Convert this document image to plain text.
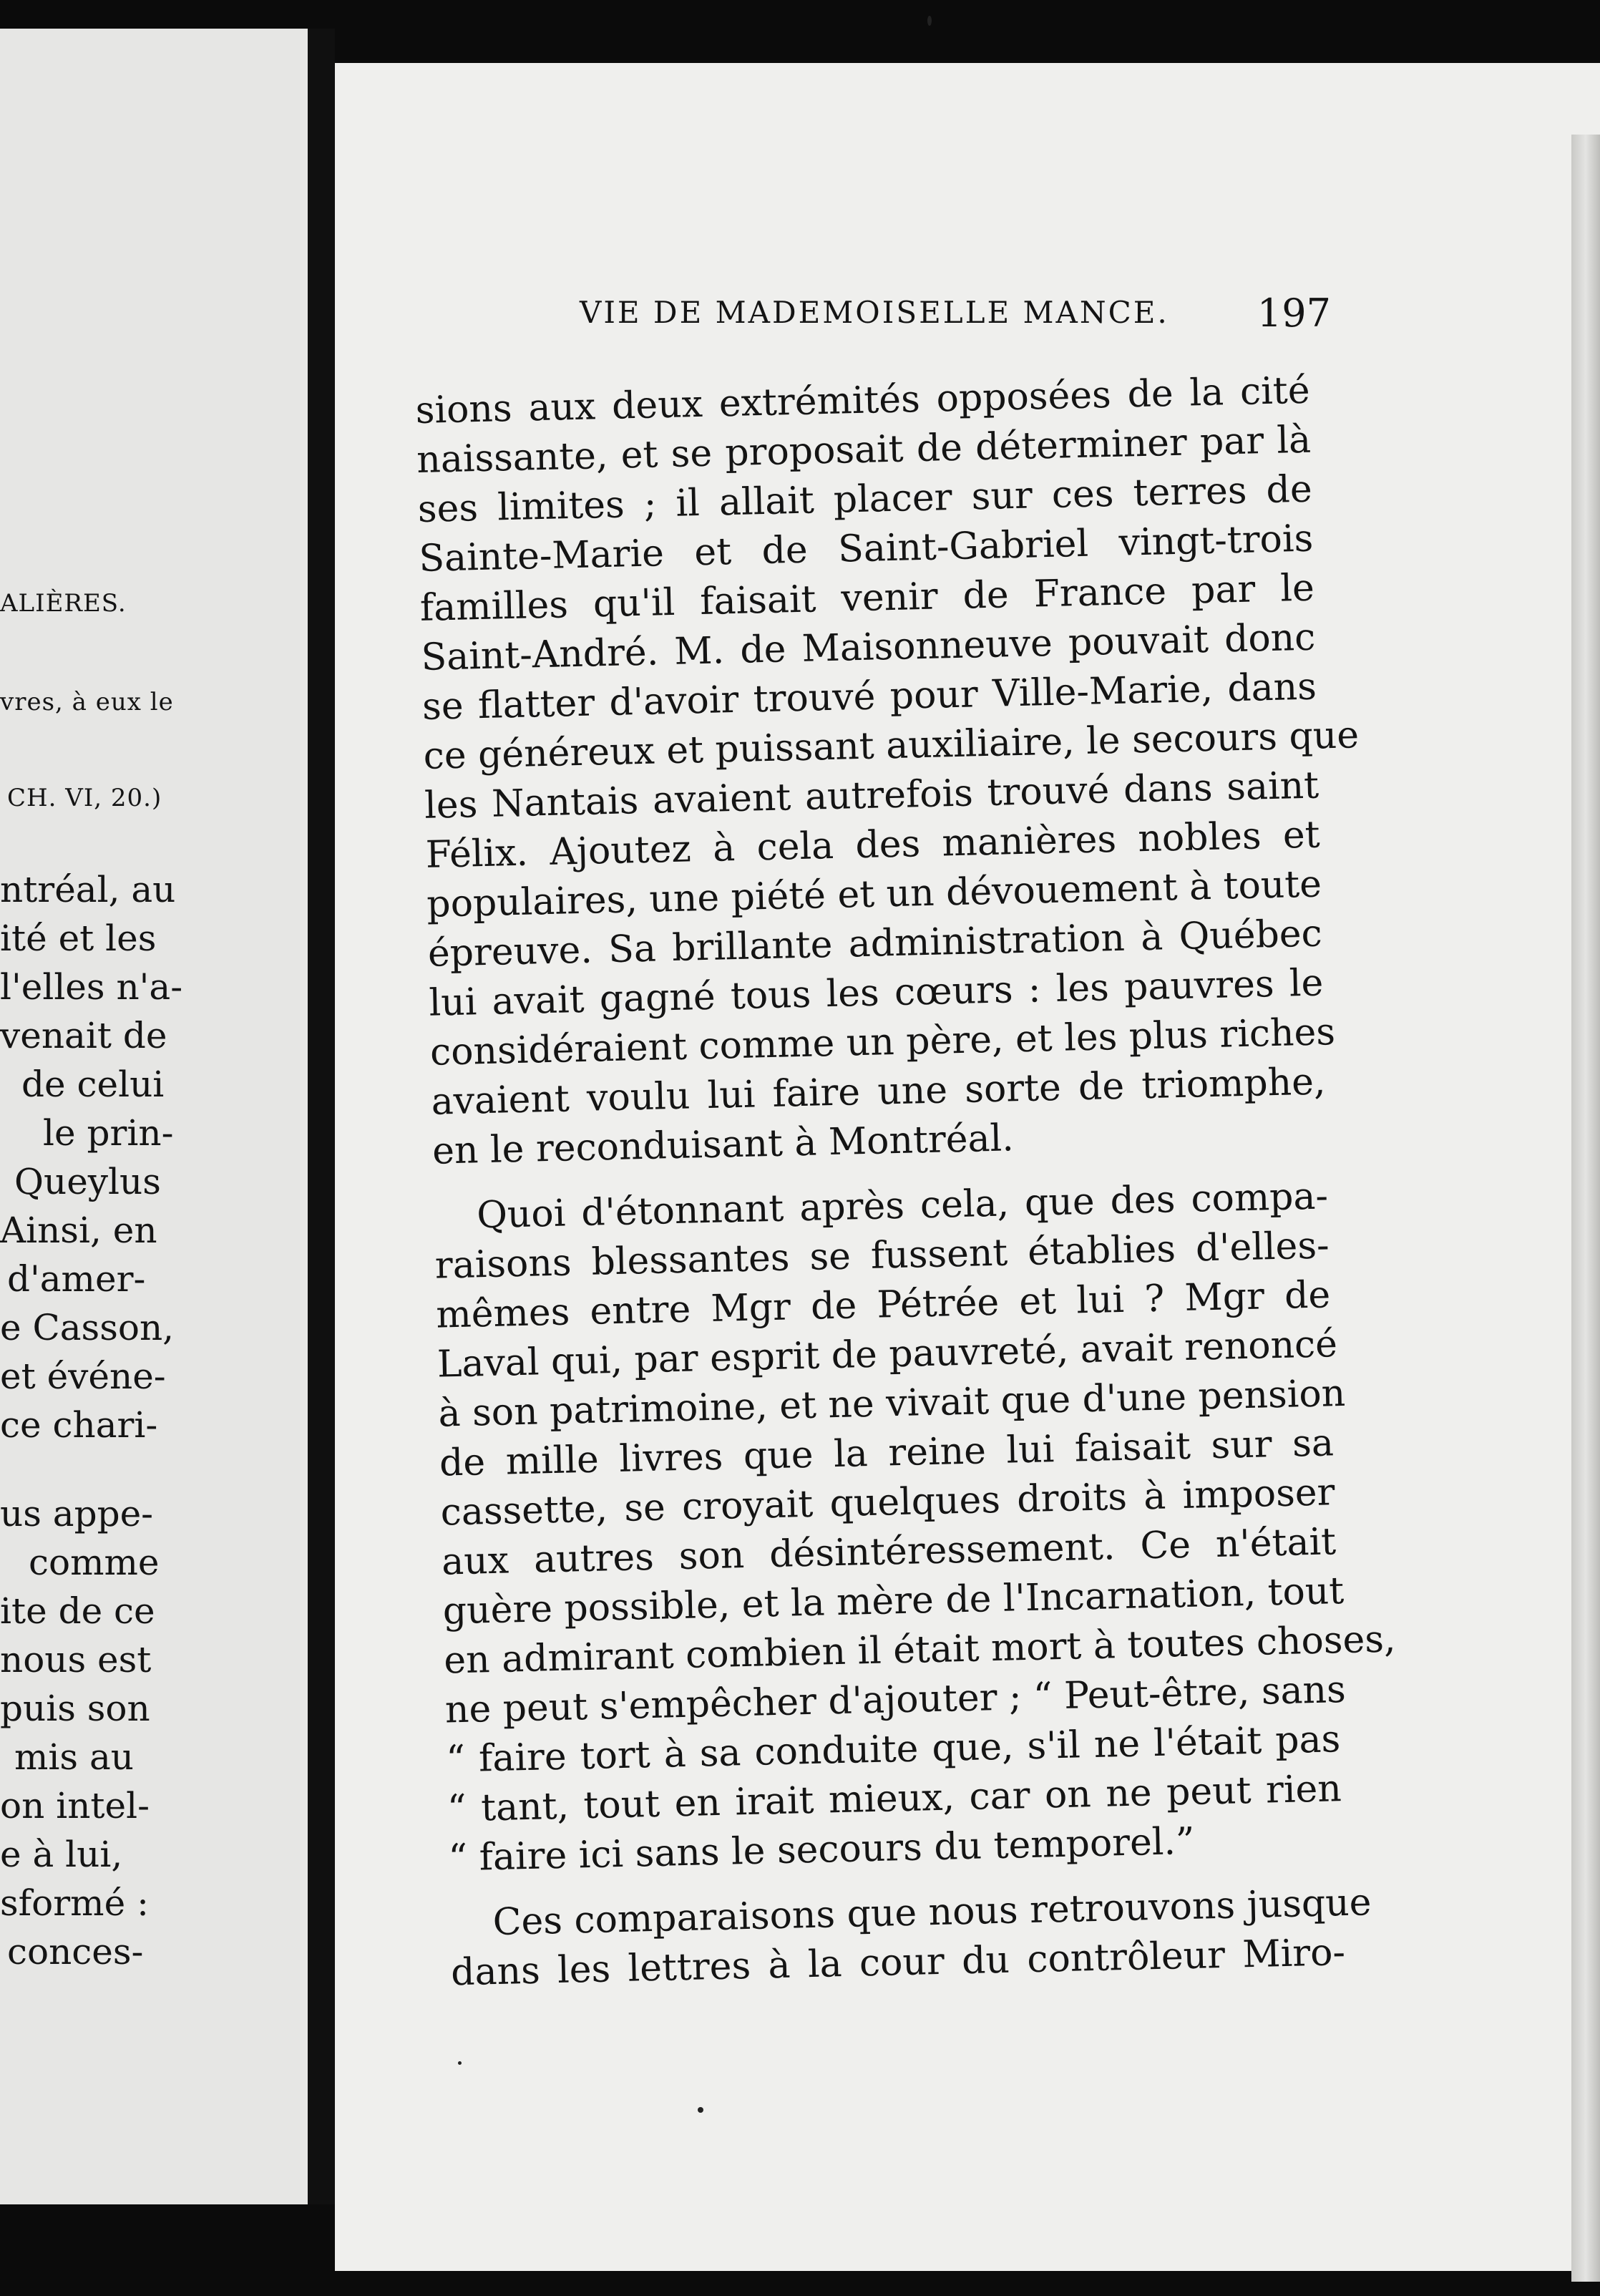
ALIÈRES.
vres, à eux le
CH. VI, 20.)
ntréal, au
ité et les
l'elles n'a-
venait de
de celui
le prin-
Queylus
Ainsi, en
d'amer-
e Casson,
et événe-
ce chari-
us appe-
comme
ite de ce
nous est
puis son
mis au
on intel-
e à lui,
sformé :
conces-
VIE DE MADEMOISELLE MANCE. 197
sions aux deux extrémités opposées de la cité
naissante, et se proposait de déterminer par là
ses limites ; il allait placer sur ces terres de
Sainte-Marie et de Saint-Gabriel vingt-trois
familles qu'il faisait venir de France par le
Saint-André. M. de Maisonneuve pouvait donc
se flatter d'avoir trouvé pour Ville-Marie, dans
ce généreux et puissant auxiliaire, le secours que
les Nantais avaient autrefois trouvé dans saint
Félix. Ajoutez à cela des manières nobles et
populaires, une piété et un dévouement à toute
épreuve. Sa brillante administration à Québec
lui avait gagné tous les cœurs : les pauvres le
considéraient comme un père, et les plus riches
avaient voulu lui faire une sorte de triomphe,
en le reconduisant à Montréal.
Quoi d'étonnant après cela, que des compa-
raisons blessantes se fussent établies d'elles-
mêmes entre Mgr de Pétrée et lui ? Mgr de
Laval qui, par esprit de pauvreté, avait renoncé
à son patrimoine, et ne vivait que d'une pension
de mille livres que la reine lui faisait sur sa
cassette, se croyait quelques droits à imposer
aux autres son désintéressement. Ce n'était
guère possible, et la mère de l'Incarnation, tout
en admirant combien il était mort à toutes choses,
ne peut s'empêcher d'ajouter ; “ Peut-être, sans
“ faire tort à sa conduite que, s'il ne l'était pas
“ tant, tout en irait mieux, car on ne peut rien
“ faire ici sans le secours du temporel.”
Ces comparaisons que nous retrouvons jusque
dans les lettres à la cour du contrôleur Miro-
